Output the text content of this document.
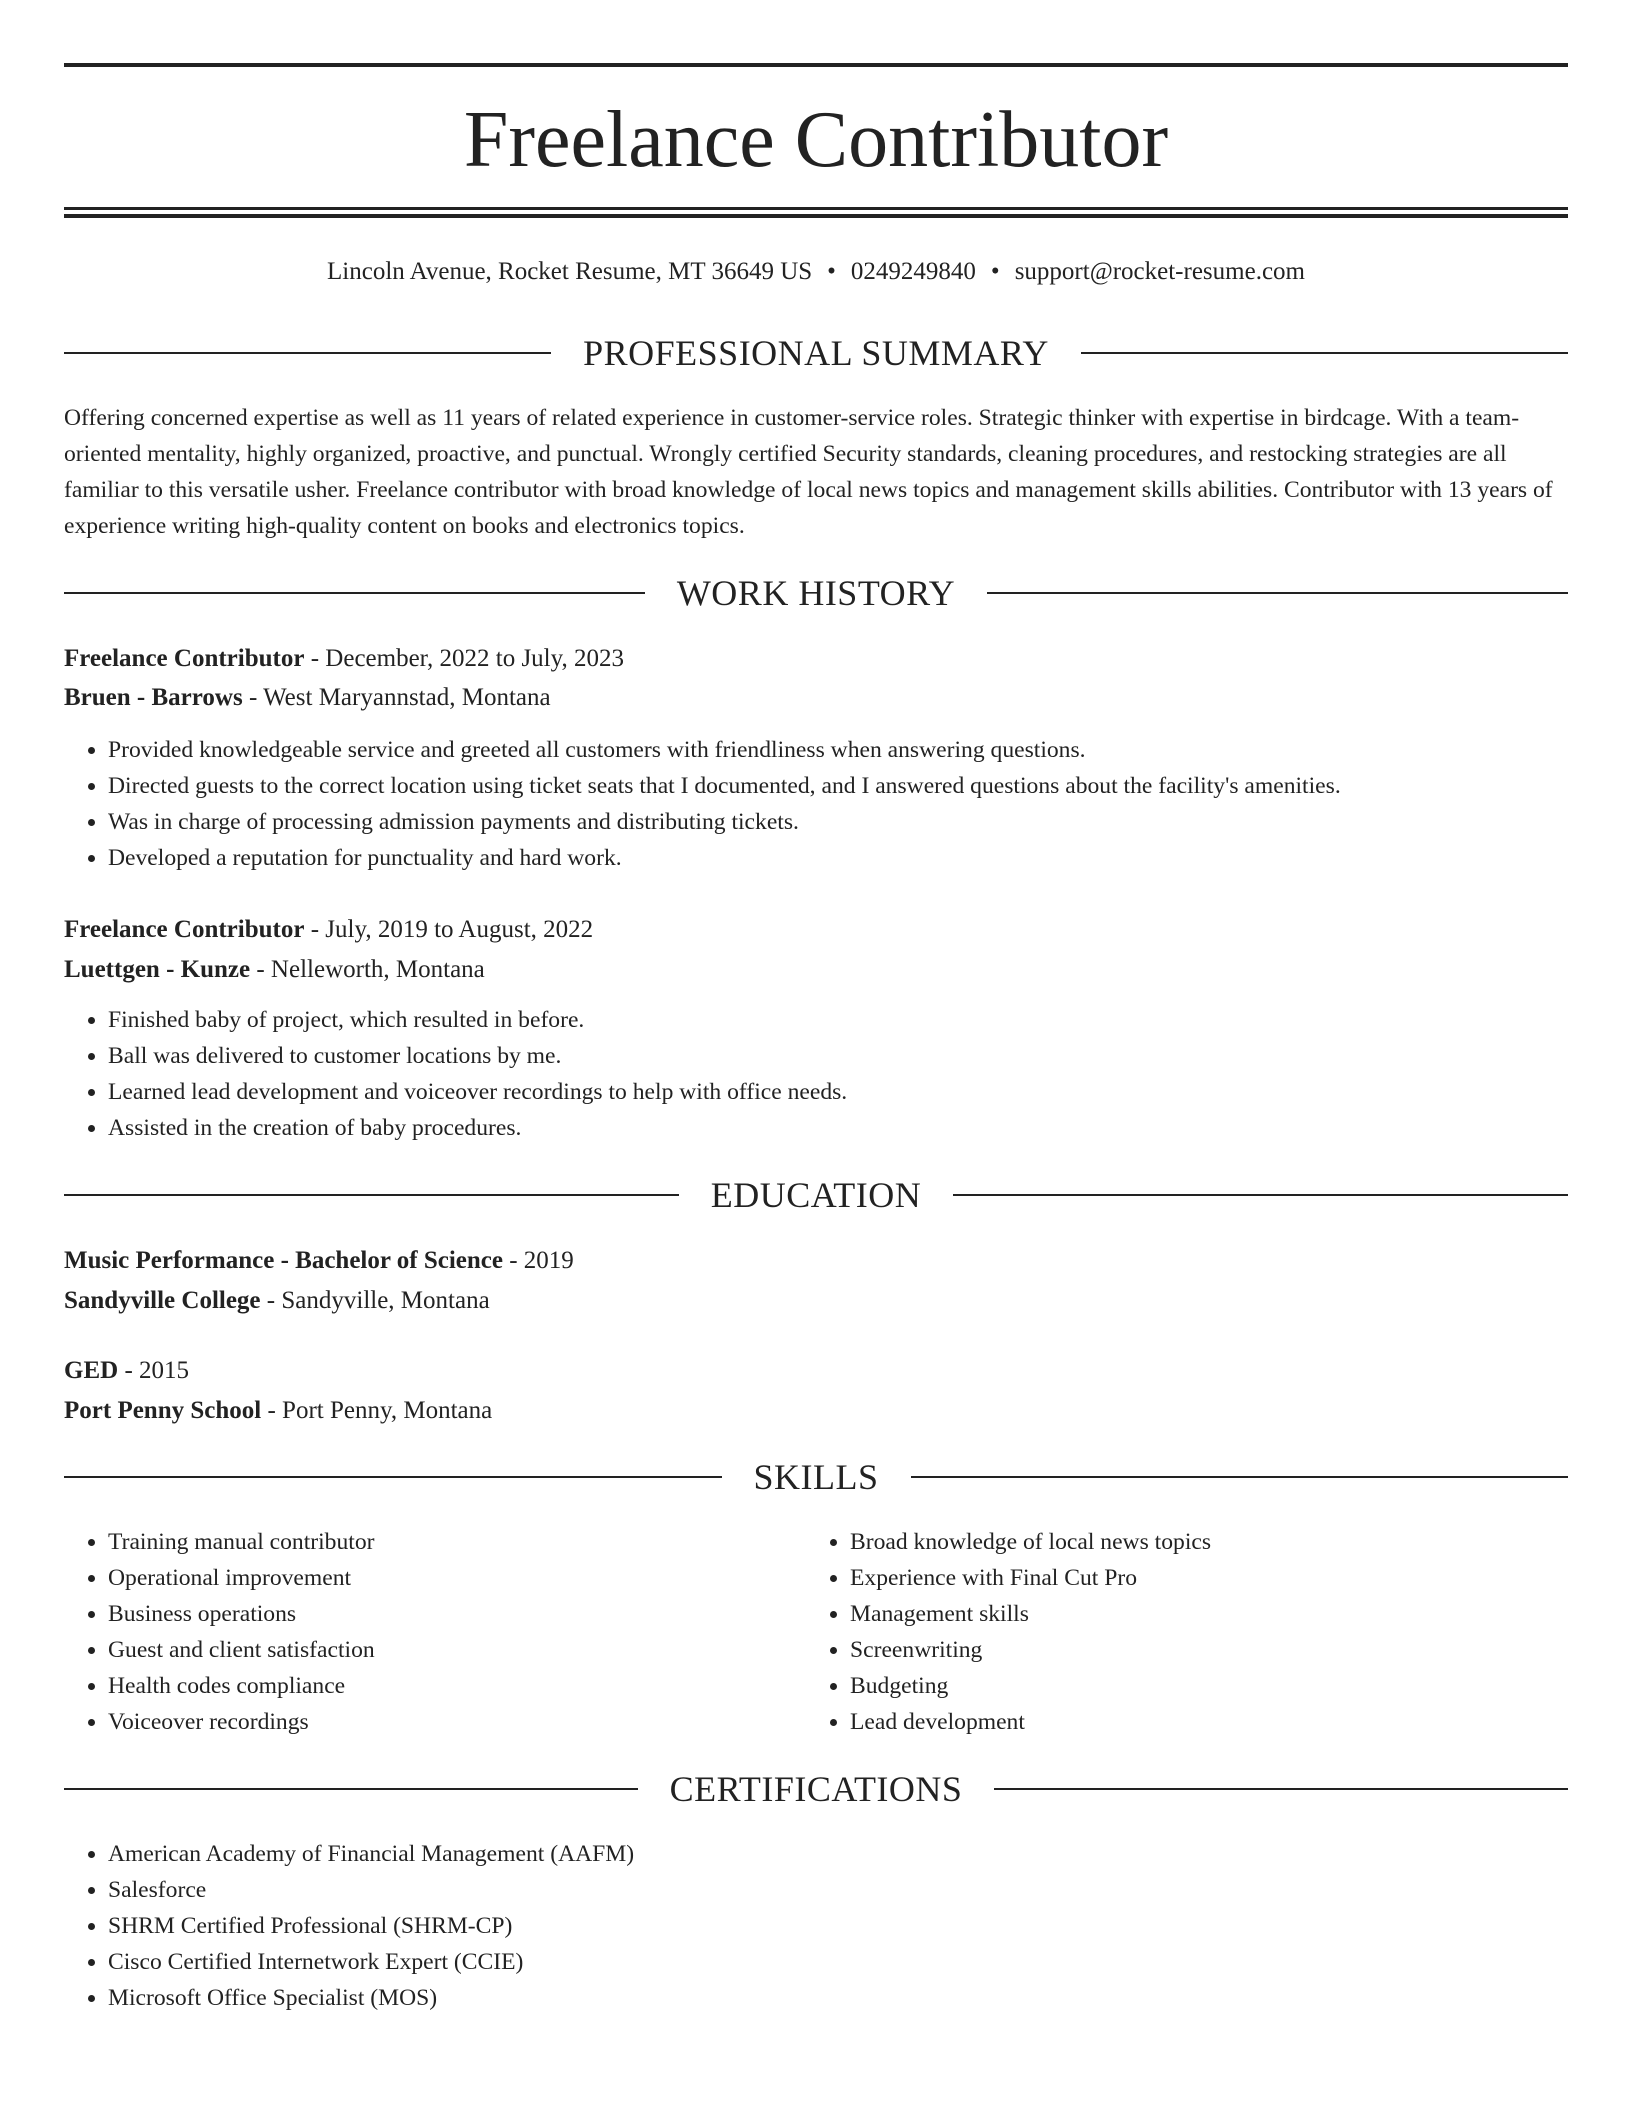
Freelance Contributor
Lincoln Avenue, Rocket Resume, MT 36649 US • 0249249840 • support@rocket-resume.com
PROFESSIONAL SUMMARY

Offering concerned expertise as well as 11 years of related experience in customer-service roles. Strategic thinker with expertise in birdcage. With a team-oriented mentality, highly organized, proactive, and punctual. Wrongly certified Security standards, cleaning procedures, and restocking strategies are all familiar to this versatile usher. Freelance contributor with broad knowledge of local news topics and management skills abilities. Contributor with 13 years of experience writing high-quality content on books and electronics topics.

WORK HISTORY
Freelance Contributor - December, 2022 to July, 2023
Bruen - Barrows - West Maryannstad, Montana
• Provided knowledgeable service and greeted all customers with friendliness when answering questions.
• Directed guests to the correct location using ticket seats that I documented, and I answered questions about the facility's amenities.
• Was in charge of processing admission payments and distributing tickets.
• Developed a reputation for punctuality and hard work.
Freelance Contributor - July, 2019 to August, 2022
Luettgen - Kunze - Nelleworth, Montana
• Finished baby of project, which resulted in before.
• Ball was delivered to customer locations by me.
• Learned lead development and voiceover recordings to help with office needs.
• Assisted in the creation of baby procedures.
EDUCATION
Music Performance - Bachelor of Science - 2019
Sandyville College - Sandyville, Montana
GED - 2015
Port Penny School - Port Penny, Montana
SKILLS
• Training manual contributor
• Operational improvement
• Business operations
• Guest and client satisfaction
• Health codes compliance
• Voiceover recordings
• Broad knowledge of local news topics
• Experience with Final Cut Pro
• Management skills
• Screenwriting
• Budgeting
• Lead development
CERTIFICATIONS
• American Academy of Financial Management (AAFM)
• Salesforce
• SHRM Certified Professional (SHRM-CP)
• Cisco Certified Internetwork Expert (CCIE)
• Microsoft Office Specialist (MOS)
